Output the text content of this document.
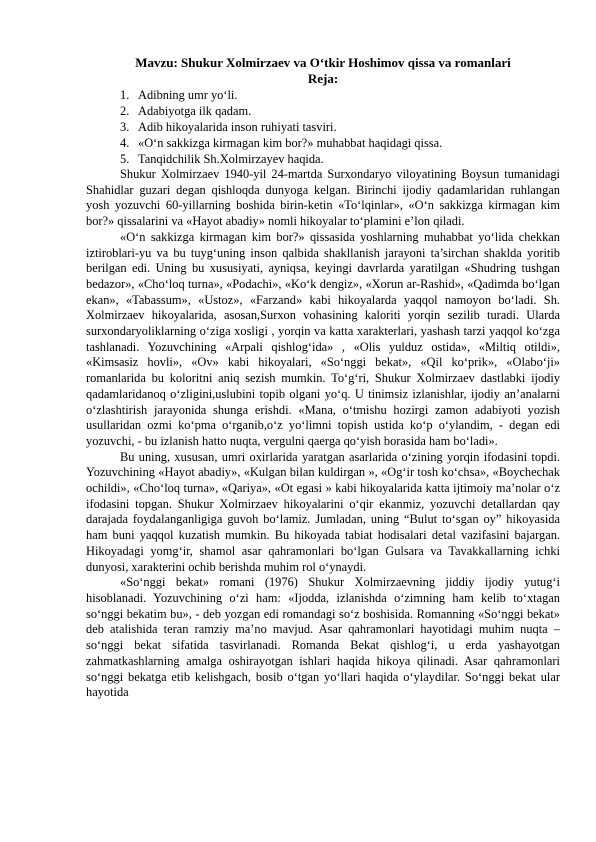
Mavzu: Shukur Xolmirzaev va O‘tkir Hoshimov qissa va romanlari
Reja:
1. Adibning umr yo‘li.
2. Adabiyotga ilk qadam.
3. Adib hikoyalarida inson ruhiyati tasviri.
4. «O‘n sakkizga kirmagan kim bor?» muhabbat haqidagi qissa.
5. Tanqidchilik Sh.Xolmirzayev haqida.

Shukur Xolmirzaev 1940-yil 24-martda Surxondaryo viloyatining Boysun tumanidagi Shahidlar guzari degan qishloqda dunyoga kelgan. Birinchi ijodiy qadamlaridan ruhlangan yosh yozuvchi 60-yillarning boshida birin-ketin «To‘lqinlar», «O‘n sakkizga kirmagan kim bor?» qissalarini va «Hayot abadiy» nomli hikoyalar to‘plamini e’lon qiladi.

«O‘n sakkizga kirmagan kim bor?» qissasida yoshlarning muhabbat yo‘lida chekkan iztiroblari-yu va bu tuyg‘uning inson qalbida shakllanish jarayoni ta’sirchan shaklda yoritib berilgan edi. Uning bu xususiyati, ayniqsa, keyingi davrlarda yaratilgan «Shudring tushgan bedazor», «Cho‘loq turna», «Podachi», «Ko‘k dengiz», «Xorun ar-Rashid», «Qadimda bo‘lgan ekan», «Tabassum», «Ustoz», «Farzand» kabi hikoyalarda yaqqol namoyon bo‘ladi. Sh. Xolmirzaev hikoyalarida, asosan,Surxon vohasining kaloriti yorqin sezilib turadi. Ularda surxondaryoliklarning o‘ziga xosligi , yorqin va katta xarakterlari, yashash tarzi yaqqol ko‘zga tashlanadi. Yozuvchining «Arpali qishlog‘ida» , «Olis yulduz ostida», «Miltiq otildi», «Kimsasiz hovli», «Ov» kabi hikoyalari, «So‘nggi bekat», «Qil ko‘prik», «Olabo‘ji» romanlarida bu koloritni aniq sezish mumkin. To‘g‘ri, Shukur Xolmirzaev dastlabki ijodiy qadamlaridanoq o‘zligini,uslubini topib olgani yo‘q. U tinimsiz izlanishlar, ijodiy an’analarni o‘zlashtirish jarayonida shunga erishdi. «Mana, o‘tmishu hozirgi zamon adabiyoti yozish usullaridan ozmi ko‘pma o‘rganib,o‘z yo‘limni topish ustida ko‘p o‘ylandim, - degan edi yozuvchi, - bu izlanish hatto nuqta, vergulni qaerga qo‘yish borasida ham bo‘ladi».

Bu uning, xususan, umri oxirlarida yaratgan asarlarida o‘zining yorqin ifodasini topdi. Yozuvchining «Hayot abadiy», «Kulgan bilan kuldirgan », «Og‘ir tosh ko‘chsa», «Boychechak ochildi», «Cho‘loq turna», «Qariya», «Ot egasi » kabi hikoyalarida katta ijtimoiy ma’nolar o‘z ifodasini topgan. Shukur Xolmirzaev hikoyalarini o‘qir ekanmiz, yozuvchi detallardan qay darajada foydalanganligiga guvoh bo‘lamiz. Jumladan, uning “Bulut to‘sgan oy” hikoyasida ham buni yaqqol kuzatish mumkin. Bu hikoyada tabiat hodisalari detal vazifasini bajargan. Hikoyadagi yomg‘ir, shamol asar qahramonlari bo‘lgan Gulsara va Tavakkallarning ichki dunyosi, xarakterini ochib berishda muhim rol o‘ynaydi.

«So‘nggi bekat» romani (1976) Shukur Xolmirzaevning jiddiy ijodiy yutug‘i hisoblanadi. Yozuvchining o‘zi ham: «Ijodda, izlanishda o‘zimning ham kelib to‘xtagan so‘nggi bekatim bu», - deb yozgan edi romandagi so‘z boshisida. Romanning «So‘nggi bekat» deb atalishida teran ramziy ma’no mavjud. Asar qahramonlari hayotidagi muhim nuqta – so‘nggi bekat sifatida tasvirlanadi. Romanda Bekat qishlog‘i, u erda yashayotgan zahmatkashlarning amalga oshirayotgan ishlari haqida hikoya qilinadi. Asar qahramonlari so‘nggi bekatga etib kelishgach, bosib o‘tgan yo‘llari haqida o‘ylaydilar. So‘nggi bekat ular hayotida
